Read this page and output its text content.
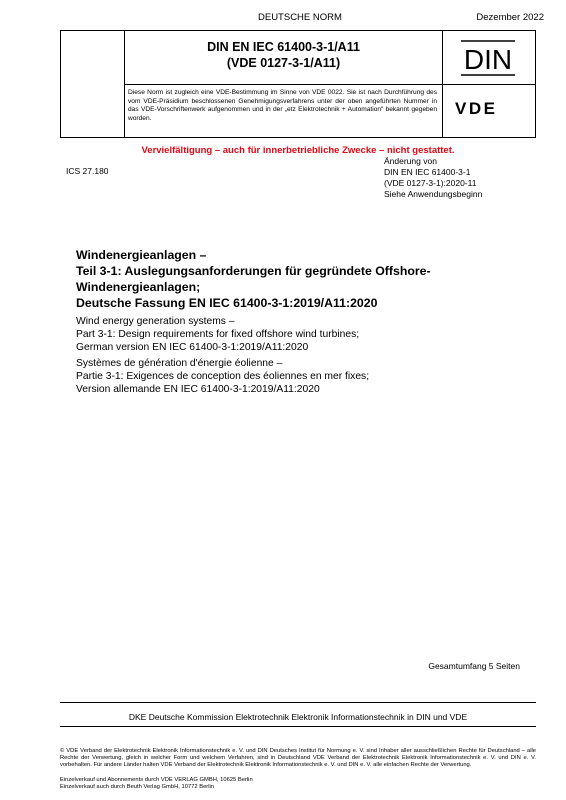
DEUTSCHE NORM	Dezember 2022
DIN EN IEC 61400-3-1/A11
(VDE 0127-3-1/A11)	DIN
VDE
Diese Norm ist zugleich eine VDE-Bestimmung im Sinne von VDE 0022. Sie ist nach Durchführung des vom VDE-Präsidium beschlossenen Genehmigungsverfahrens unter der oben angeführten Nummer in das VDE-Vorschriftenwerk aufgenommen und in der „etz Elektrotechnik + Automation“ bekannt gegeben worden.
Vervielfältigung – auch für innerbetriebliche Zwecke – nicht gestattet.
ICS 27.180
Änderung von
DIN EN IEC 61400-3-1
(VDE 0127-3-1):2020-11
Siehe Anwendungsbeginn
Windenergieanlagen –
Teil 3-1: Auslegungsanforderungen für gegründete Offshore-
Windenergieanlagen;
Deutsche Fassung EN IEC 61400-3-1:2019/A11:2020
Wind energy generation systems –
Part 3-1: Design requirements for fixed offshore wind turbines;
German version EN IEC 61400-3-1:2019/A11:2020
Systèmes de génération d'énergie éolienne –
Partie 3-1: Exigences de conception des éoliennes en mer fixes;
Version allemande EN IEC 61400-3-1:2019/A11:2020
Gesamtumfang 5 Seiten
DKE Deutsche Kommission Elektrotechnik Elektronik Informationstechnik in DIN und VDE
© VDE Verband der Elektrotechnik Elektronik Informationstechnik e. V. und DIN Deutsches Institut für Normung e. V. sind Inhaber aller ausschließlichen Rechte für Deutschland – alle Rechte der Verwertung, gleich in welcher Form und welchem Verfahren, sind in Deutschland VDE Verband der Elektrotechnik Elektronik Informationstechnik e. V. und DIN e. V. vorbehalten. Für andere Länder halten VDE Verband der Elektrotechnik Elektronik Informationstechnik e. V. und DIN e. V. alle einfachen Rechte der Verwertung.
Einzelverkauf und Abonnements durch VDE VERLAG GMBH, 10625 Berlin
Einzelverkauf auch durch Beuth Verlag GmbH, 10772 Berlin
